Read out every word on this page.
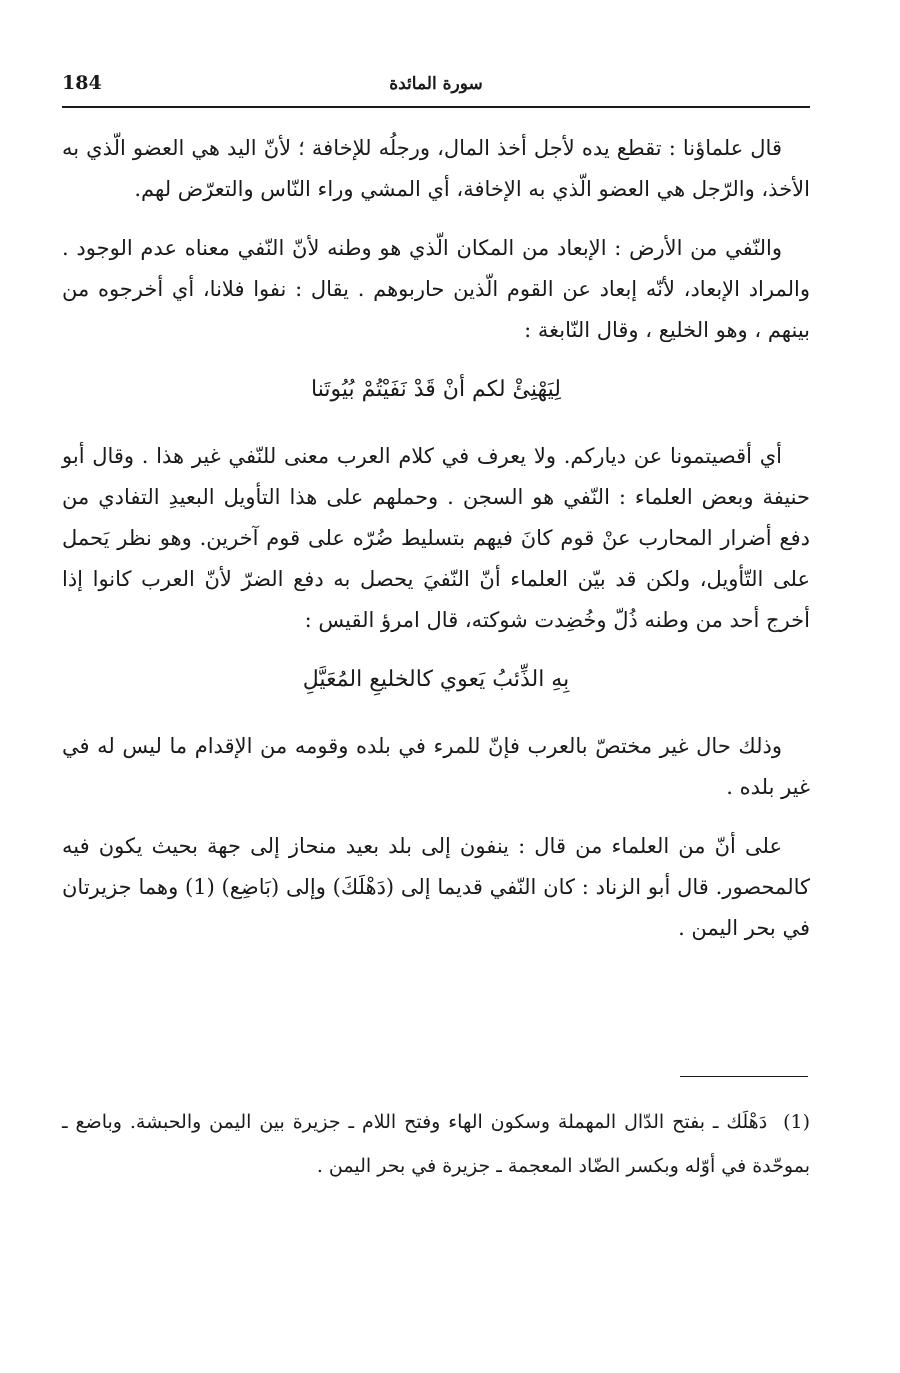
184	سورة المائدة

قال علماؤنا : تقطع يده لأجل أخذ المال، ورجلُه للإخافة ؛ لأنّ اليد هي العضو الّذي به الأخذ، والرّجل هي العضو الّذي به الإخافة، أي المشي وراء النّاس والتعرّض لهم.

والنّفي من الأرض : الإبعاد من المكان الّذي هو وطنه لأنّ النّفي معناه عدم الوجود . والمراد الإبعاد، لأنّه إبعاد عن القوم الّذين حاربوهم . يقال : نفوا فلانا، أي أخرجوه من بينهم ، وهو الخليع ، وقال النّابغة :

لِيَهْنِئْ لكم أنْ قَدْ نَفَيْتُمْ بُيُوتَنا

أي أقصيتمونا عن دياركم. ولا يعرف في كلام العرب معنى للنّفي غير هذا . وقال أبو حنيفة وبعض العلماء : النّفي هو السجن . وحملهم على هذا التأويل البعيدِ التفادي من دفع أضرار المحارب عنْ قوم كانَ فيهم بتسليط ضُرّه على قوم آخرين. وهو نظر يَحمل على التّأويل، ولكن قد بيّن العلماء أنّ النّفيَ يحصل به دفع الضرّ لأنّ العرب كانوا إذا أخرج أحد من وطنه ذُلّ وخُضِدت شوكته، قال امرؤ القيس :

بِهِ الذِّئبُ يَعوي كالخليعِ المُعَيَّلِ

وذلك حال غير مختصّ بالعرب فإنّ للمرء في بلده وقومه من الإقدام ما ليس له في غير بلده .

على أنّ من العلماء من قال : ينفون إلى بلد بعيد منحاز إلى جهة بحيث يكون فيه كالمحصور. قال أبو الزناد : كان النّفي قديما إلى (دَهْلَكَ) وإلى (بَاضِع) (1) وهما جزيرتان في بحر اليمن .

(1) دَهْلَك ـ بفتح الدّال المهملة وسكون الهاء وفتح اللام ـ جزيرة بين اليمن والحبشة. وباضع ـ بموحّدة في أوّله وبكسر الضّاد المعجمة ـ جزيرة في بحر اليمن .
